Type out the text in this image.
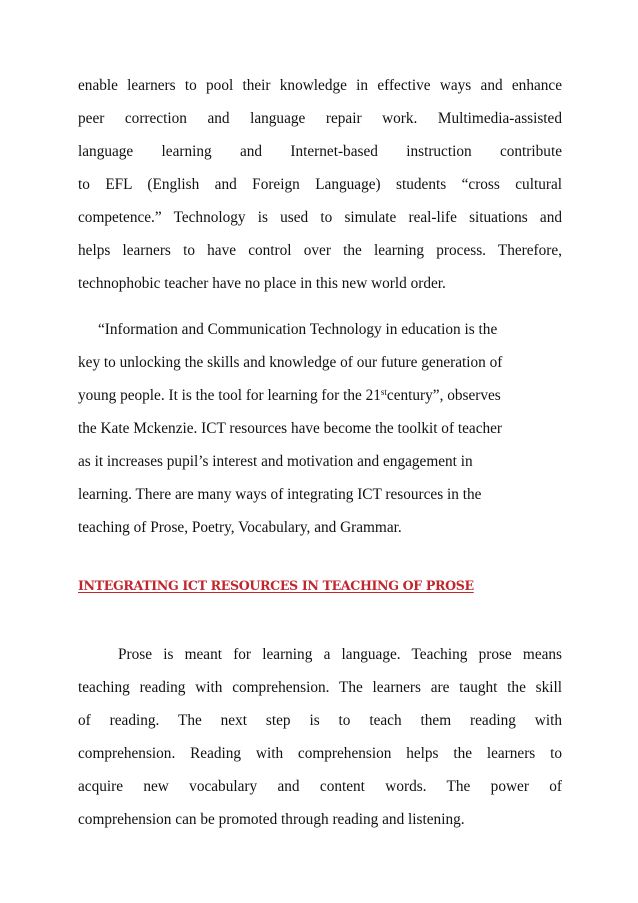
enable learners to pool their knowledge in effective ways and enhance
peer correction and language repair work. Multimedia-assisted
language learning and Internet-based instruction contribute
to EFL (English and Foreign Language) students “cross cultural
competence.” Technology is used to simulate real-life situations and
helps learners to have control over the learning process. Therefore,
technophobic teacher have no place in this new world order.
“Information and Communication Technology in education is the
key to unlocking the skills and knowledge of our future generation of
young people. It is the tool for learning for the 21stcentury”, observes
the Kate Mckenzie. ICT resources have become the toolkit of teacher
as it increases pupil’s interest and motivation and engagement in
learning. There are many ways of integrating ICT resources in the
teaching of Prose, Poetry, Vocabulary, and Grammar.
INTEGRATING ICT RESOURCES IN TEACHING OF PROSE
Prose is meant for learning a language. Teaching prose means
teaching reading with comprehension. The learners are taught the skill
of reading. The next step is to teach them reading with
comprehension. Reading with comprehension helps the learners to
acquire new vocabulary and content words. The power of
comprehension can be promoted through reading and listening.
